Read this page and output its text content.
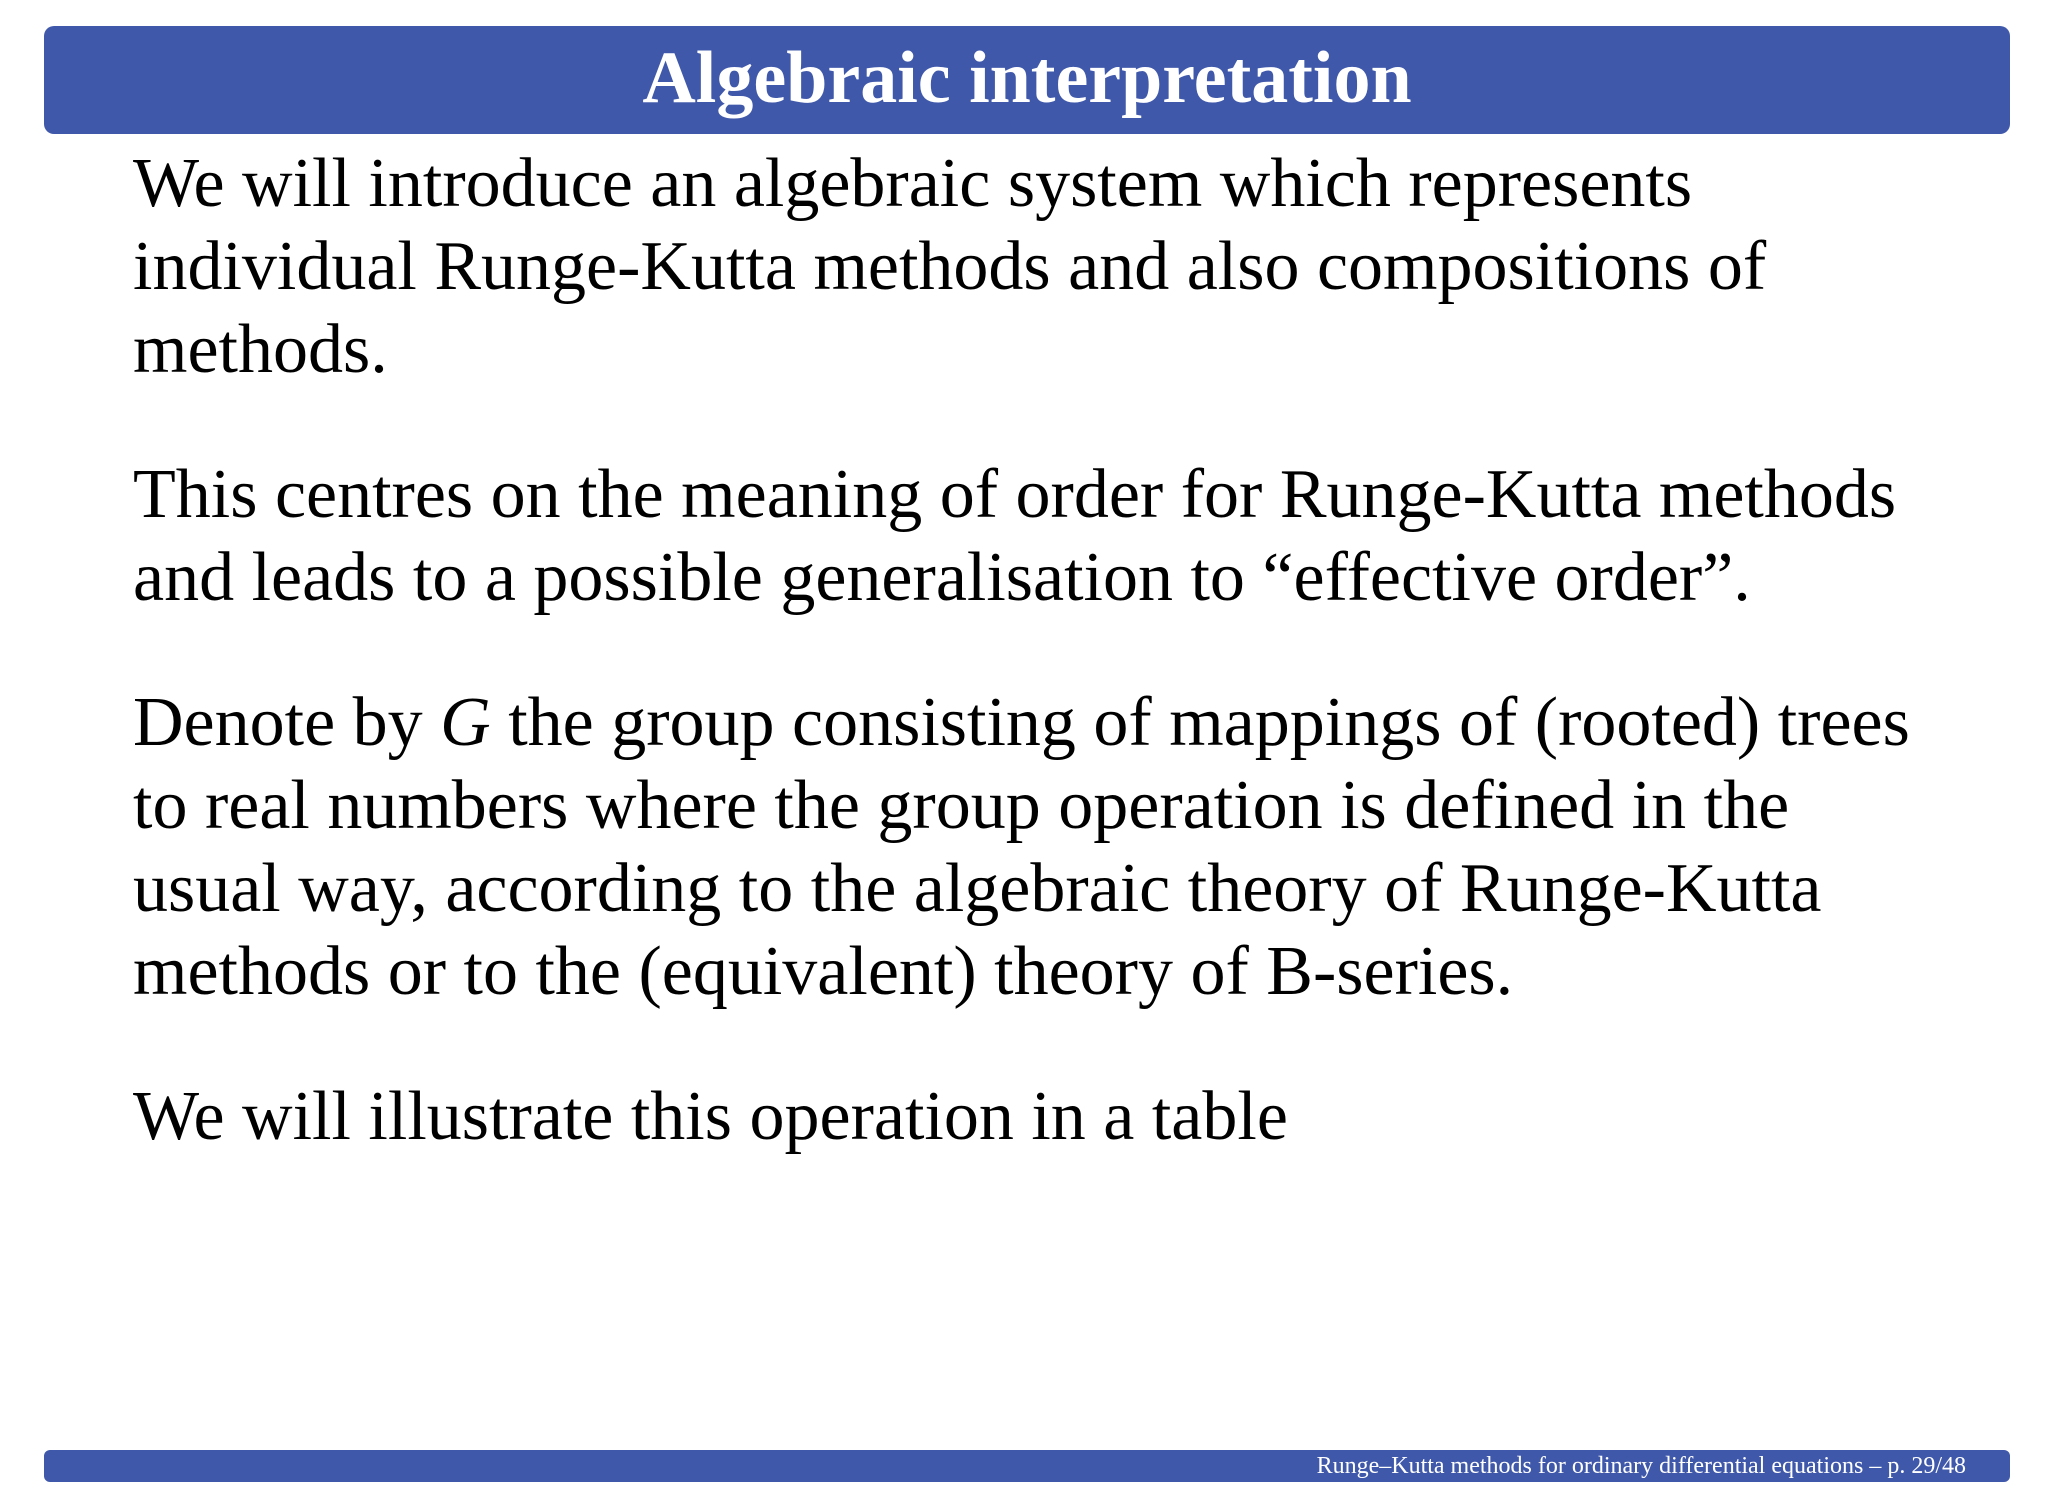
Algebraic interpretation

We will introduce an algebraic system which represents individual Runge-Kutta methods and also compositions of methods.

This centres on the meaning of order for Runge-Kutta methods and leads to a possible generalisation to “effective order”.

Denote by G the group consisting of mappings of (rooted) trees to real numbers where the group operation is defined in the usual way, according to the algebraic theory of Runge-Kutta methods or to the (equivalent) theory of B-series.

We will illustrate this operation in a table

Runge–Kutta methods for ordinary differential equations – p. 29/48
